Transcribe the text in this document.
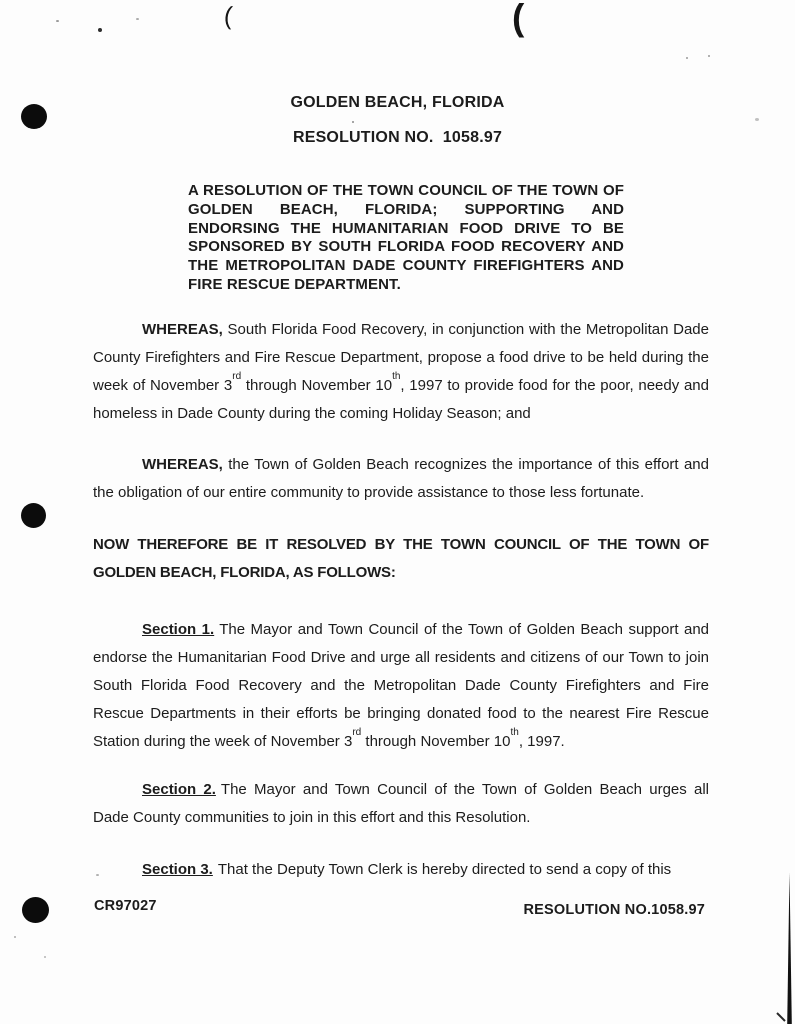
(	(
GOLDEN BEACH, FLORIDA
RESOLUTION NO.  1058.97

A RESOLUTION OF THE TOWN COUNCIL OF THE TOWN OF GOLDEN BEACH, FLORIDA; SUPPORTING AND ENDORSING THE HUMANITARIAN FOOD DRIVE TO BE SPONSORED BY SOUTH FLORIDA FOOD RECOVERY AND THE METROPOLITAN DADE COUNTY FIREFIGHTERS AND FIRE RESCUE DEPARTMENT.

WHEREAS, South Florida Food Recovery, in conjunction with the Metropolitan Dade County Firefighters and Fire Rescue Department, propose a food drive to be held during the week of November 3rd through November 10th, 1997 to provide food for the poor, needy and homeless in Dade County during the coming Holiday Season; and

WHEREAS, the Town of Golden Beach recognizes the importance of this effort and the obligation of our entire community to provide assistance to those less fortunate.

NOW THEREFORE BE IT RESOLVED BY THE TOWN COUNCIL OF THE TOWN OF GOLDEN BEACH, FLORIDA, AS FOLLOWS:

Section 1. The Mayor and Town Council of the Town of Golden Beach support and endorse the Humanitarian Food Drive and urge all residents and citizens of our Town to join South Florida Food Recovery and the Metropolitan Dade County Firefighters and Fire Rescue Departments in their efforts be bringing donated food to the nearest Fire Rescue Station during the week of November 3rd through November 10th, 1997.

Section 2. The Mayor and Town Council of the Town of Golden Beach urges all Dade County communities to join in this effort and this Resolution.

Section 3. That the Deputy Town Clerk is hereby directed to send a copy of this

CR97027	RESOLUTION NO.1058.97
